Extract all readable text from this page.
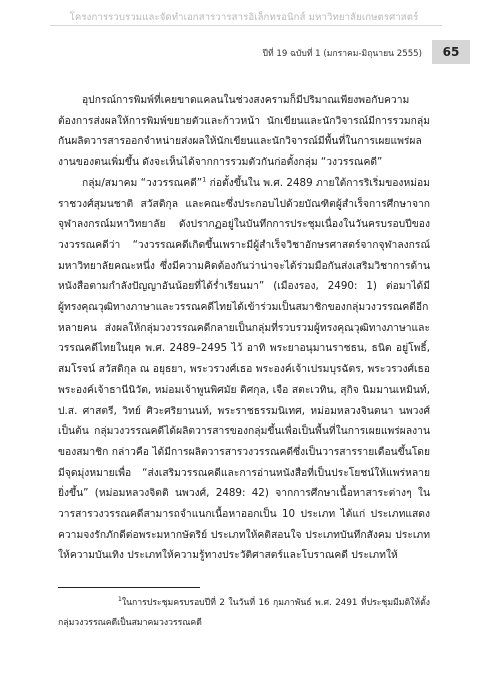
โครงการรวบรวมและจัดทำเอกสารวารสารอิเล็กทรอนิกส์ มหาวิทยาลัยเกษตรศาสตร์
ปีที่ 19 ฉบับที่ 1 (มกราคม-มิถุนายน 2555)	65

อุปกรณ์การพิมพ์ที่เคยขาดแคลนในช่วงสงครามก็มีปริมาณเพียงพอกับความต้องการส่งผลให้การพิมพ์ขยายตัวและก้าวหน้า นักเขียนและนักวิจารณ์มีการรวมกลุ่มกันผลิตวารสารออกจำหน่ายส่งผลให้นักเขียนและนักวิจารณ์มีพื้นที่ในการเผยแพร่ผลงานของตนเพิ่มขึ้น ดังจะเห็นได้จากการรวมตัวกันก่อตั้งกลุ่ม “วงวรรณคดี”

กลุ่ม/สมาคม “วงวรรณคดี”$^1$ ก่อตั้งขึ้นใน พ.ศ. 2489 ภายใต้การริเริ่มของหม่อมราชวงศ์สุมนชาติ สวัสดิกุล และคณะซึ่งประกอบไปด้วยบัณฑิตผู้สำเร็จการศึกษาจากจุฬาลงกรณ์มหาวิทยาลัย ดังปรากฏอยู่ในบันทึกการประชุมเนื่องในวันครบรอบปีของวงวรรณคดีว่า “วงวรรณคดีเกิดขึ้นเพราะมีผู้สำเร็จวิชาอักษรศาสตร์จากจุฬาลงกรณ์มหาวิทยาลัยคณะหนึ่ง ซึ่งมีความคิดต้องกันว่าน่าจะได้ร่วมมือกันส่งเสริมวิชาการด้านหนังสือตามกำลังปัญญาอันน้อยที่ได้ร่ำเรียนมา” (เมืองรอง, 2490: 1) ต่อมาได้มีผู้ทรงคุณวุฒิทางภาษาและวรรณคดีไทยได้เข้าร่วมเป็นสมาชิกของกลุ่มวงวรรณคดีอีกหลายคน ส่งผลให้กลุ่มวงวรรณคดีกลายเป็นกลุ่มที่รวบรวมผู้ทรงคุณวุฒิทางภาษาและวรรณคดีไทยในยุค พ.ศ. 2489–2495 ไว้ อาทิ พระยาอนุมานราชธน, ธนิต อยู่โพธิ์, สมโรจน์ สวัสดิกุล ณ อยุธยา, พระวรวงศ์เธอ พระองค์เจ้าเปรมบุรฉัตร, พระวรวงศ์เธอ พระองค์เจ้าธานีนิวัต, หม่อมเจ้าพูนพิศมัย ดิศกุล, เจือ สตะเวทิน, สุกิจ นิมมานเหมินท์, ป.ส. ศาสตรี, วิทย์ ศิวะศริยานนท์, พระราชธรรมนิเทศ, หม่อมหลวงจินตนา นพวงศ์ เป็นต้น กลุ่มวงวรรณคดีได้ผลิตวารสารของกลุ่มขึ้นเพื่อเป็นพื้นที่ในการเผยแพร่ผลงานของสมาชิก กล่าวคือ ได้มีการผลิตวารสารวงวรรณคดีซึ่งเป็นวารสารรายเดือนขึ้นโดยมีจุดมุ่งหมายเพื่อ “ส่งเสริมวรรณคดีและการอ่านหนังสือที่เป็นประโยชน์ให้แพร่หลายยิ่งขึ้น” (หม่อมหลวงจิตติ นพวงศ์, 2489: 42) จากการศึกษาเนื้อหาสาระต่างๆ ในวารสารวงวรรณคดีสามารถจำแนกเนื้อหาออกเป็น 10 ประเภท ได้แก่ ประเภทแสดงความจงรักภักดีต่อพระมหากษัตริย์ ประเภทให้คติสอนใจ ประเภทบันทึกสังคม ประเภทให้ความบันเทิง ประเภทให้ความรู้ทางประวัติศาสตร์และโบราณคดี ประเภทให้

$^1$ในการประชุมครบรอบปีที่ 2 ในวันที่ 16 กุมภาพันธ์ พ.ศ. 2491 ที่ประชุมมีมติให้ตั้งกลุ่มวงวรรณคดีเป็นสมาคมวงวรรณคดี
